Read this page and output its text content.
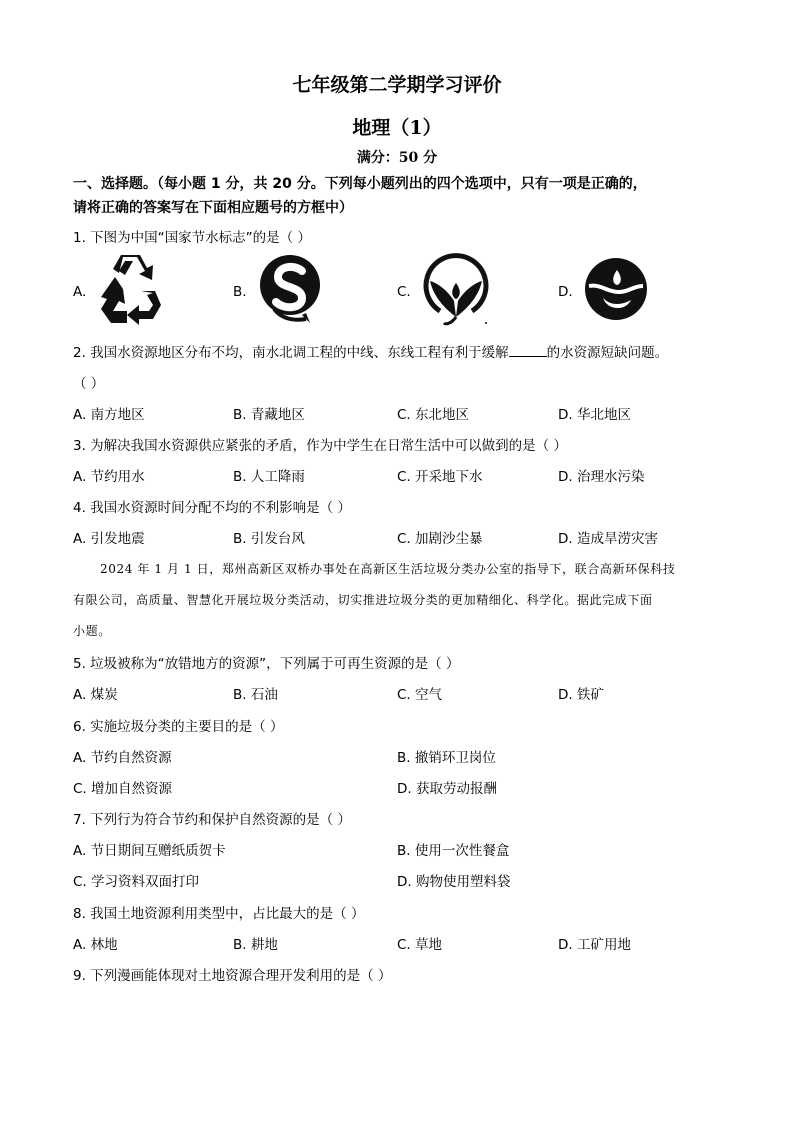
七年级第二学期学习评价
地理（1）
满分：50 分
一、选择题。（每小题 1 分，共 20 分。下列每小题列出的四个选项中，只有一项是正确的，
请将正确的答案写在下面相应题号的方框中）
1. 下图为中国“国家节水标志”的是（ ）
A.	B.	C.	D.
2. 我国水资源地区分布不均，南水北调工程的中线、东线工程有利于缓解	的水资源短缺问题。
（ ）
A. 南方地区	B. 青藏地区	C. 东北地区	D. 华北地区
3. 为解决我国水资源供应紧张的矛盾，作为中学生在日常生活中可以做到的是（ ）
A. 节约用水	B. 人工降雨	C. 开采地下水	D. 治理水污染
4. 我国水资源时间分配不均的不利影响是（ ）
A. 引发地震	B. 引发台风	C. 加剧沙尘暴	D. 造成旱涝灾害
2024 年 1 月 1 日，郑州高新区双桥办事处在高新区生活垃圾分类办公室的指导下，联合高新环保科技
有限公司，高质量、智慧化开展垃圾分类活动，切实推进垃圾分类的更加精细化、科学化。据此完成下面
小题。
5. 垃圾被称为“放错地方的资源”，下列属于可再生资源的是（ ）
A. 煤炭	B. 石油	C. 空气	D. 铁矿
6. 实施垃圾分类的主要目的是（ ）
A. 节约自然资源	B. 撤销环卫岗位
C. 增加自然资源	D. 获取劳动报酬
7. 下列行为符合节约和保护自然资源的是（ ）
A. 节日期间互赠纸质贺卡	B. 使用一次性餐盒
C. 学习资料双面打印	D. 购物使用塑料袋
8. 我国土地资源利用类型中，占比最大的是（ ）
A. 林地	B. 耕地	C. 草地	D. 工矿用地
9. 下列漫画能体现对土地资源合理开发利用的是（ ）
